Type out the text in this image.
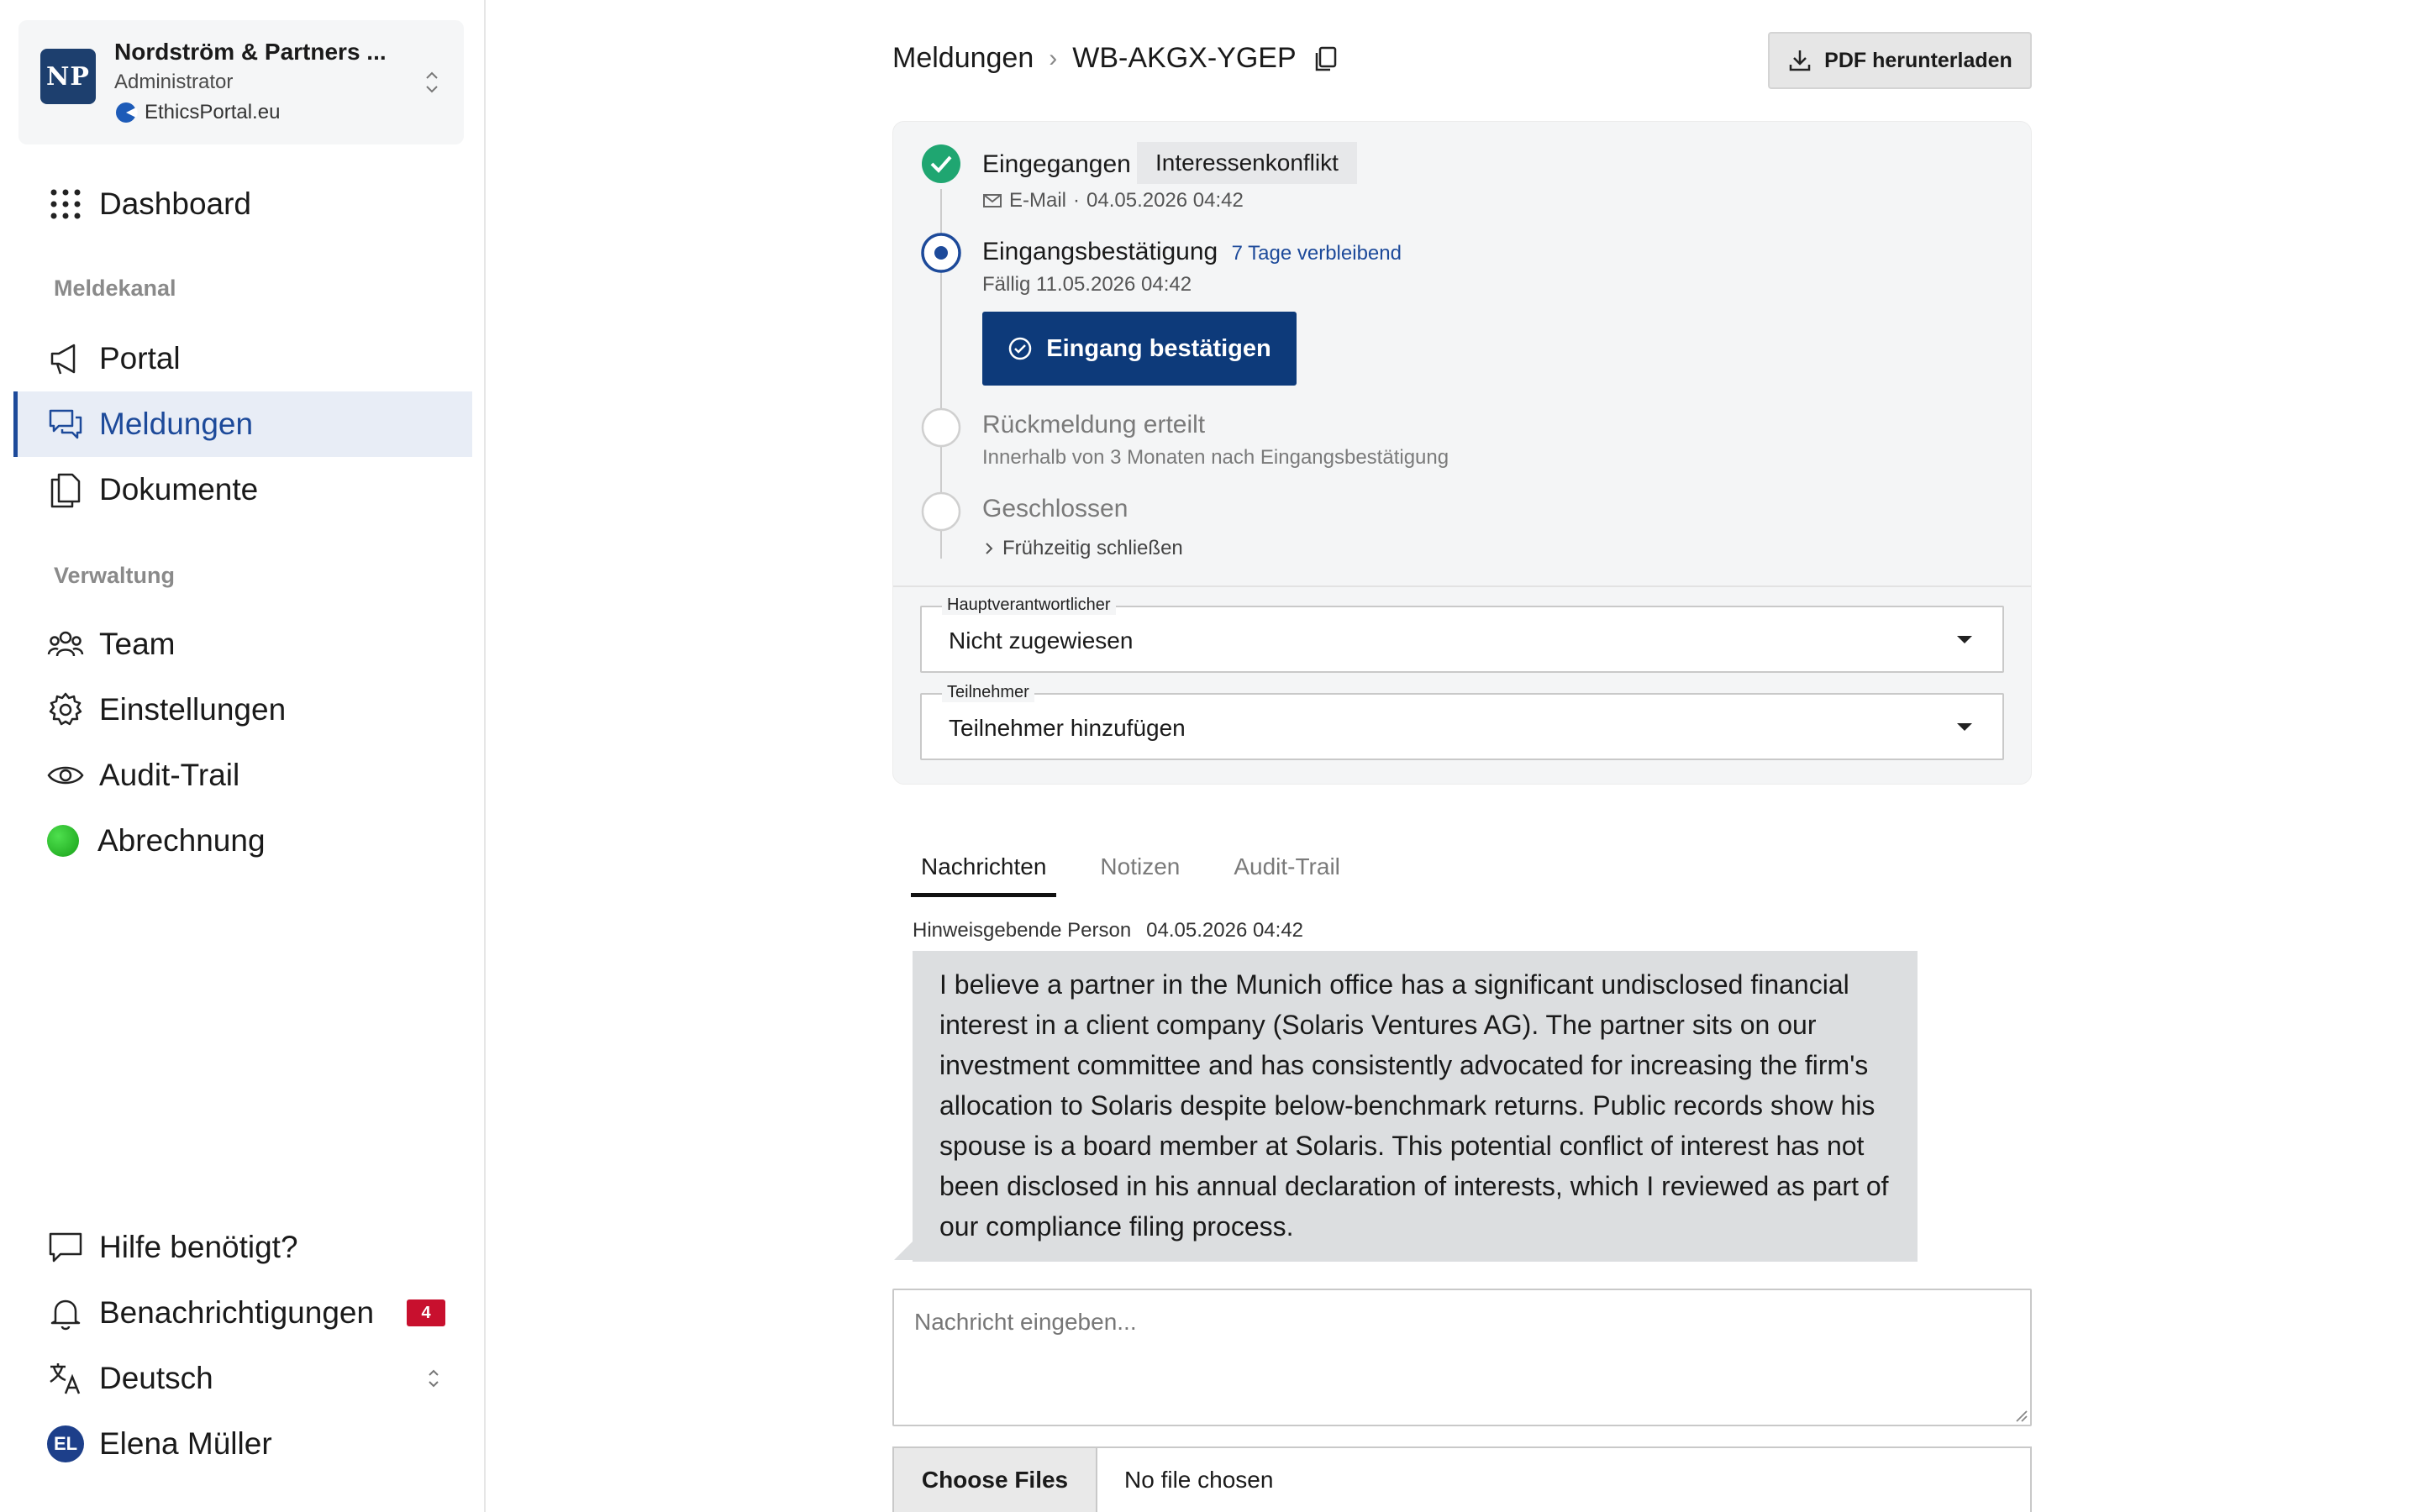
NP
Nordström & Partners ...
Administrator
EthicsPortal.eu
Dashboard
Meldekanal
Portal
Meldungen
Dokumente
Verwaltung
Team
Einstellungen
Audit-Trail
Abrechnung
Hilfe benötigt?
Benachrichtigungen	4
Deutsch
EL Elena Müller
Meldungen › WB-AKGX-YGEP	PDF herunterladen
Eingegangen	Interessenkonflikt
E-Mail · 04.05.2026 04:42
Eingangsbestätigung 7 Tage verbleibend
Fällig 11.05.2026 04:42
Eingang bestätigen
Rückmeldung erteilt
Innerhalb von 3 Monaten nach Eingangsbestätigung
Geschlossen
Frühzeitig schließen
Hauptverantwortlicher
Nicht zugewiesen
Teilnehmer
Teilnehmer hinzufügen
Nachrichten	Notizen	Audit-Trail
Hinweisgebende Person 04.05.2026 04:42
I believe a partner in the Munich office has a significant undisclosed financial interest in a client company (Solaris Ventures AG). The partner sits on our investment committee and has consistently advocated for increasing the firm's allocation to Solaris despite below-benchmark returns. Public records show his spouse is a board member at Solaris. This potential conflict of interest has not been disclosed in his annual declaration of interests, which I reviewed as part of our compliance filing process.
Nachricht eingeben...
Choose Files	No file chosen
